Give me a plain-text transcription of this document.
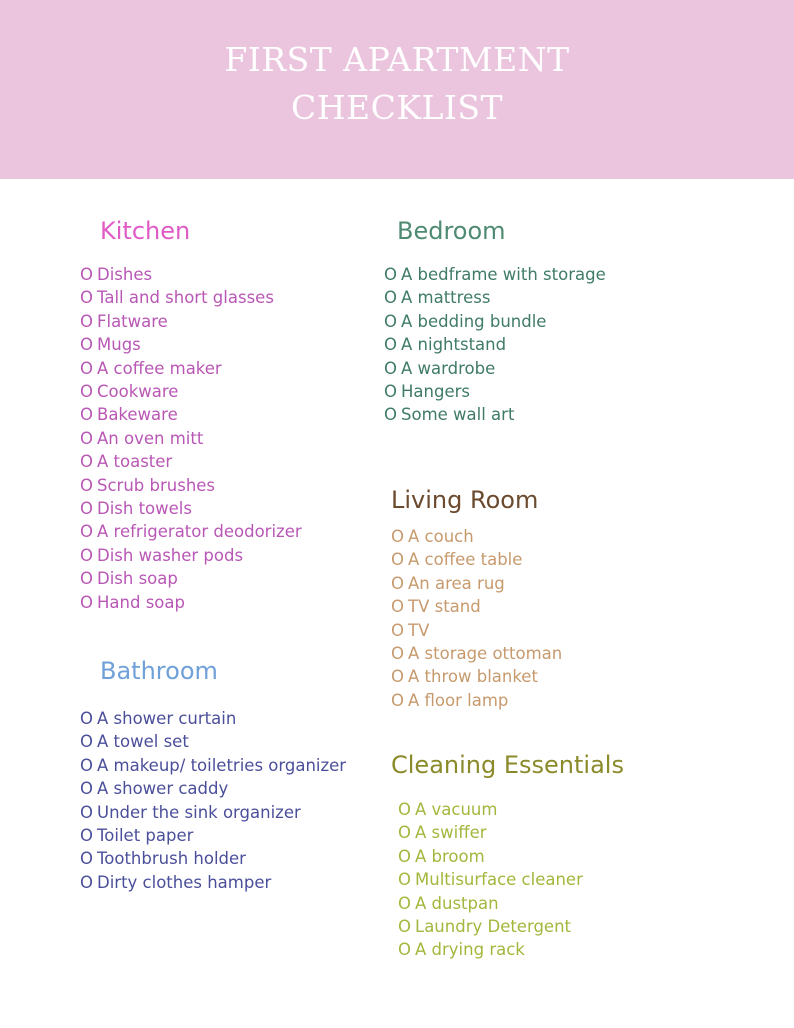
FIRST APARTMENT
CHECKLIST
Kitchen
O Dishes
O Tall and short glasses
O Flatware
O Mugs
O A coffee maker
O Cookware
O Bakeware
O An oven mitt
O A toaster
O Scrub brushes
O Dish towels
O A refrigerator deodorizer
O Dish washer pods
O Dish soap
O Hand soap
Bathroom
O A shower curtain
O A towel set
O A makeup/ toiletries organizer
O A shower caddy
O Under the sink organizer
O Toilet paper
O Toothbrush holder
O Dirty clothes hamper
Bedroom
O A bedframe with storage
O A mattress
O A bedding bundle
O A nightstand
O A wardrobe
O Hangers
O Some wall art
Living Room
O A couch
O A coffee table
O An area rug
O TV stand
O TV
O A storage ottoman
O A throw blanket
O A floor lamp
Cleaning Essentials
O A vacuum
O A swiffer
O A broom
O Multisurface cleaner
O A dustpan
O Laundry Detergent
O A drying rack
